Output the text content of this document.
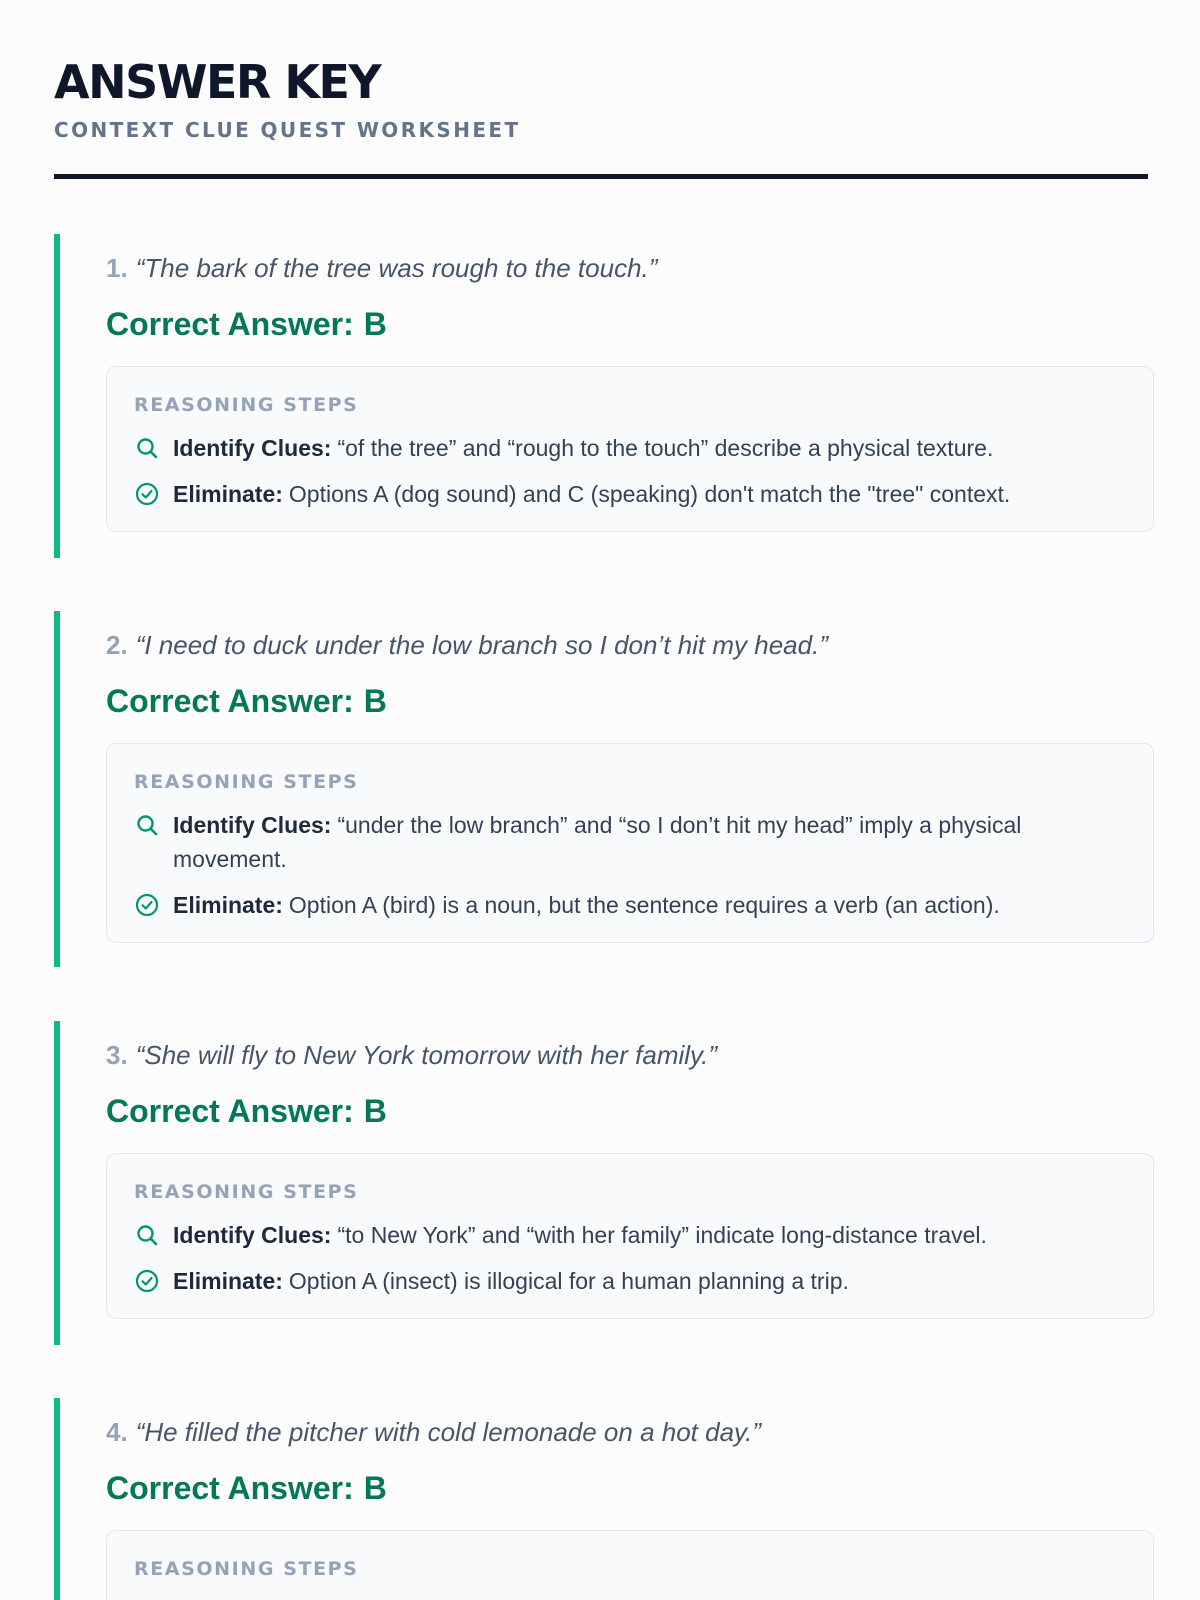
ANSWER KEY
CONTEXT CLUE QUEST WORKSHEET
1. “The bark of the tree was rough to the touch.”
Correct Answer: B
REASONING STEPS
Identify Clues: “of the tree” and “rough to the touch” describe a physical texture.
Eliminate: Options A (dog sound) and C (speaking) don't match the "tree" context.
2. “I need to duck under the low branch so I don’t hit my head.”
Correct Answer: B
REASONING STEPS
Identify Clues: “under the low branch” and “so I don’t hit my head” imply a physical movement.
Eliminate: Option A (bird) is a noun, but the sentence requires a verb (an action).
3. “She will fly to New York tomorrow with her family.”
Correct Answer: B
REASONING STEPS
Identify Clues: “to New York” and “with her family” indicate long-distance travel.
Eliminate: Option A (insect) is illogical for a human planning a trip.
4. “He filled the pitcher with cold lemonade on a hot day.”
Correct Answer: B
REASONING STEPS
